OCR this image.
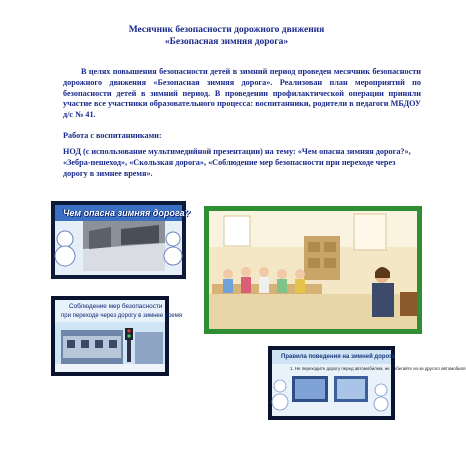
Месячник безопасности дорожного движения
«Безопасная зимняя дорога»
В целях повышения безопасности детей в зимний период проведен месячник безопасности дорожного движения «Безопасная зимняя дорога». Реализован план мероприятий по безопасности детей в зимний период. В проведении профилактической операции приняли участие все участники образовательного процесса: воспитанники, родители в педагоги МБДОУ д/с № 41.
Работа с воспитанниками:
НОД (с использование мультимедийной презентации) на тему: «Чем опасна зимняя дорога?», «Зебра-пешеход», «Скользкая дорога», «Соблюдение мер безопасности при переходе через дорогу в зимнее время».
Чем опасна зимняя дорога?
Соблюдение мер безопасности
при переходе через дорогу в зимнее время
Правила поведения на зимней дороге
1. Не переходите дорогу перед автомобилем, не выбегайте из-за другого автомобиля
